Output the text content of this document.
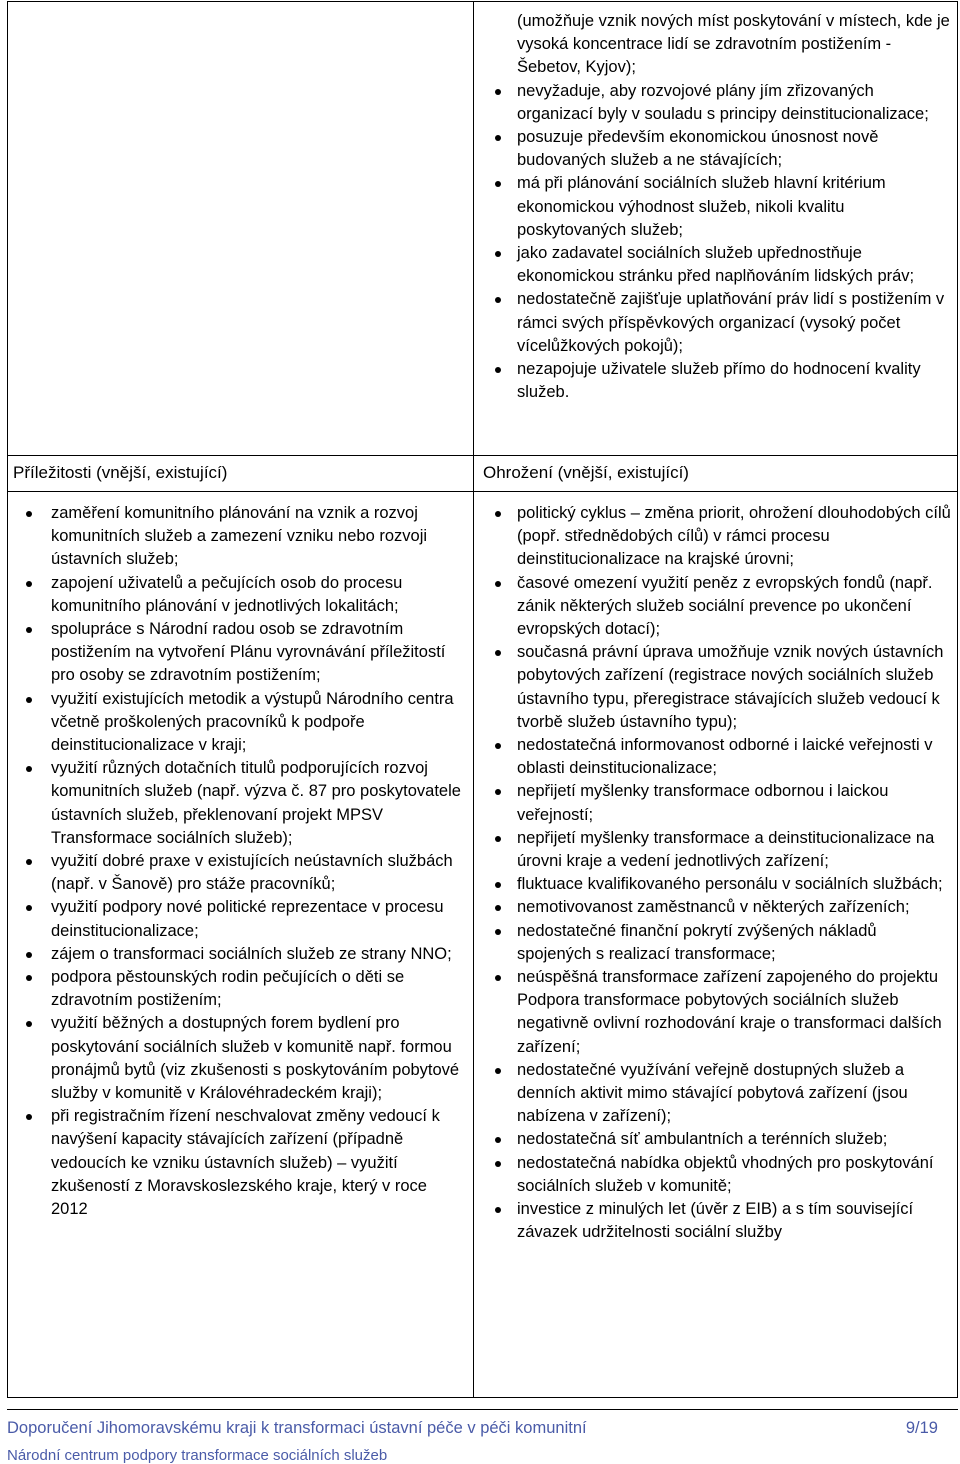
(umožňuje vznik nových míst poskytování v místech, kde je vysoká koncentrace lidí se zdravotním postižením - Šebetov, Kyjov);
nevyžaduje, aby rozvojové plány jím zřizovaných organizací byly v souladu s principy deinstitucionalizace;
posuzuje především ekonomickou únosnost nově budovaných služeb a ne stávajících;
má při plánování sociálních služeb hlavní kritérium ekonomickou výhodnost služeb, nikoli kvalitu poskytovaných služeb;
jako zadavatel sociálních služeb upřednostňuje ekonomickou stránku před naplňováním lidských práv;
nedostatečně zajišťuje uplatňování práv lidí s postižením v rámci svých příspěvkových organizací (vysoký počet vícelůžkových pokojů);
nezapojuje uživatele služeb přímo do hodnocení kvality služeb.
Příležitosti (vnější, existující)	Ohrožení (vnější, existující)
zaměření komunitního plánování na vznik a rozvoj komunitních služeb a zamezení vzniku nebo rozvoji ústavních služeb;
zapojení uživatelů a pečujících osob do procesu komunitního plánování v jednotlivých lokalitách;
spolupráce s Národní radou osob se zdravotním postižením na vytvoření Plánu vyrovnávání příležitostí pro osoby se zdravotním postižením;
využití existujících metodik a výstupů Národního centra včetně proškolených pracovníků k podpoře deinstitucionalizace v kraji;
využití různých dotačních titulů podporujících rozvoj komunitních služeb (např. výzva č. 87 pro poskytovatele ústavních služeb, překlenovaní projekt MPSV Transformace sociálních služeb);
využití dobré praxe v existujících neústavních službách (např. v Šanově) pro stáže pracovníků;
využití podpory nové politické reprezentace v procesu deinstitucionalizace;
zájem o transformaci sociálních služeb ze strany NNO;
podpora pěstounských rodin pečujících o děti se zdravotním postižením;
využití běžných a dostupných forem bydlení pro poskytování sociálních služeb v komunitě např. formou pronájmů bytů (viz zkušenosti s poskytováním pobytové služby v komunitě v Královéhradeckém kraji);
při registračním řízení neschvalovat změny vedoucí k navýšení kapacity stávajících zařízení (případně vedoucích ke vzniku ústavních služeb) – využití zkušeností z Moravskoslezského kraje, který v roce 2012
politický cyklus – změna priorit, ohrožení dlouhodobých cílů (popř. střednědobých cílů) v rámci procesu deinstitucionalizace na krajské úrovni;
časové omezení využití peněz z evropských fondů (např. zánik některých služeb sociální prevence po ukončení evropských dotací);
současná právní úprava umožňuje vznik nových ústavních pobytových zařízení (registrace nových sociálních služeb ústavního typu, přeregistrace stávajících služeb vedoucí k tvorbě služeb ústavního typu);
nedostatečná informovanost odborné i laické veřejnosti v oblasti deinstitucionalizace;
nepřijetí myšlenky transformace odbornou i laickou veřejností;
nepřijetí myšlenky transformace a deinstitucionalizace na úrovni kraje a vedení jednotlivých zařízení;
fluktuace kvalifikovaného personálu v sociálních službách;
nemotivovanost zaměstnanců v některých zařízeních;
nedostatečné finanční pokrytí zvýšených nákladů spojených s realizací transformace;
neúspěšná transformace zařízení zapojeného do projektu Podpora transformace pobytových sociálních služeb negativně ovlivní rozhodování kraje o transformaci dalších zařízení;
nedostatečné využívání veřejně dostupných služeb a denních aktivit mimo stávající pobytová zařízení (jsou nabízena v zařízení);
nedostatečná síť ambulantních a terénních služeb;
nedostatečná nabídka objektů vhodných pro poskytování sociálních služeb v komunitě;
investice z minulých let (úvěr z EIB) a s tím související závazek udržitelnosti sociální služby
Doporučení Jihomoravskému kraji k transformaci ústavní péče v péči komunitní	9/19
Národní centrum podpory transformace sociálních služeb
